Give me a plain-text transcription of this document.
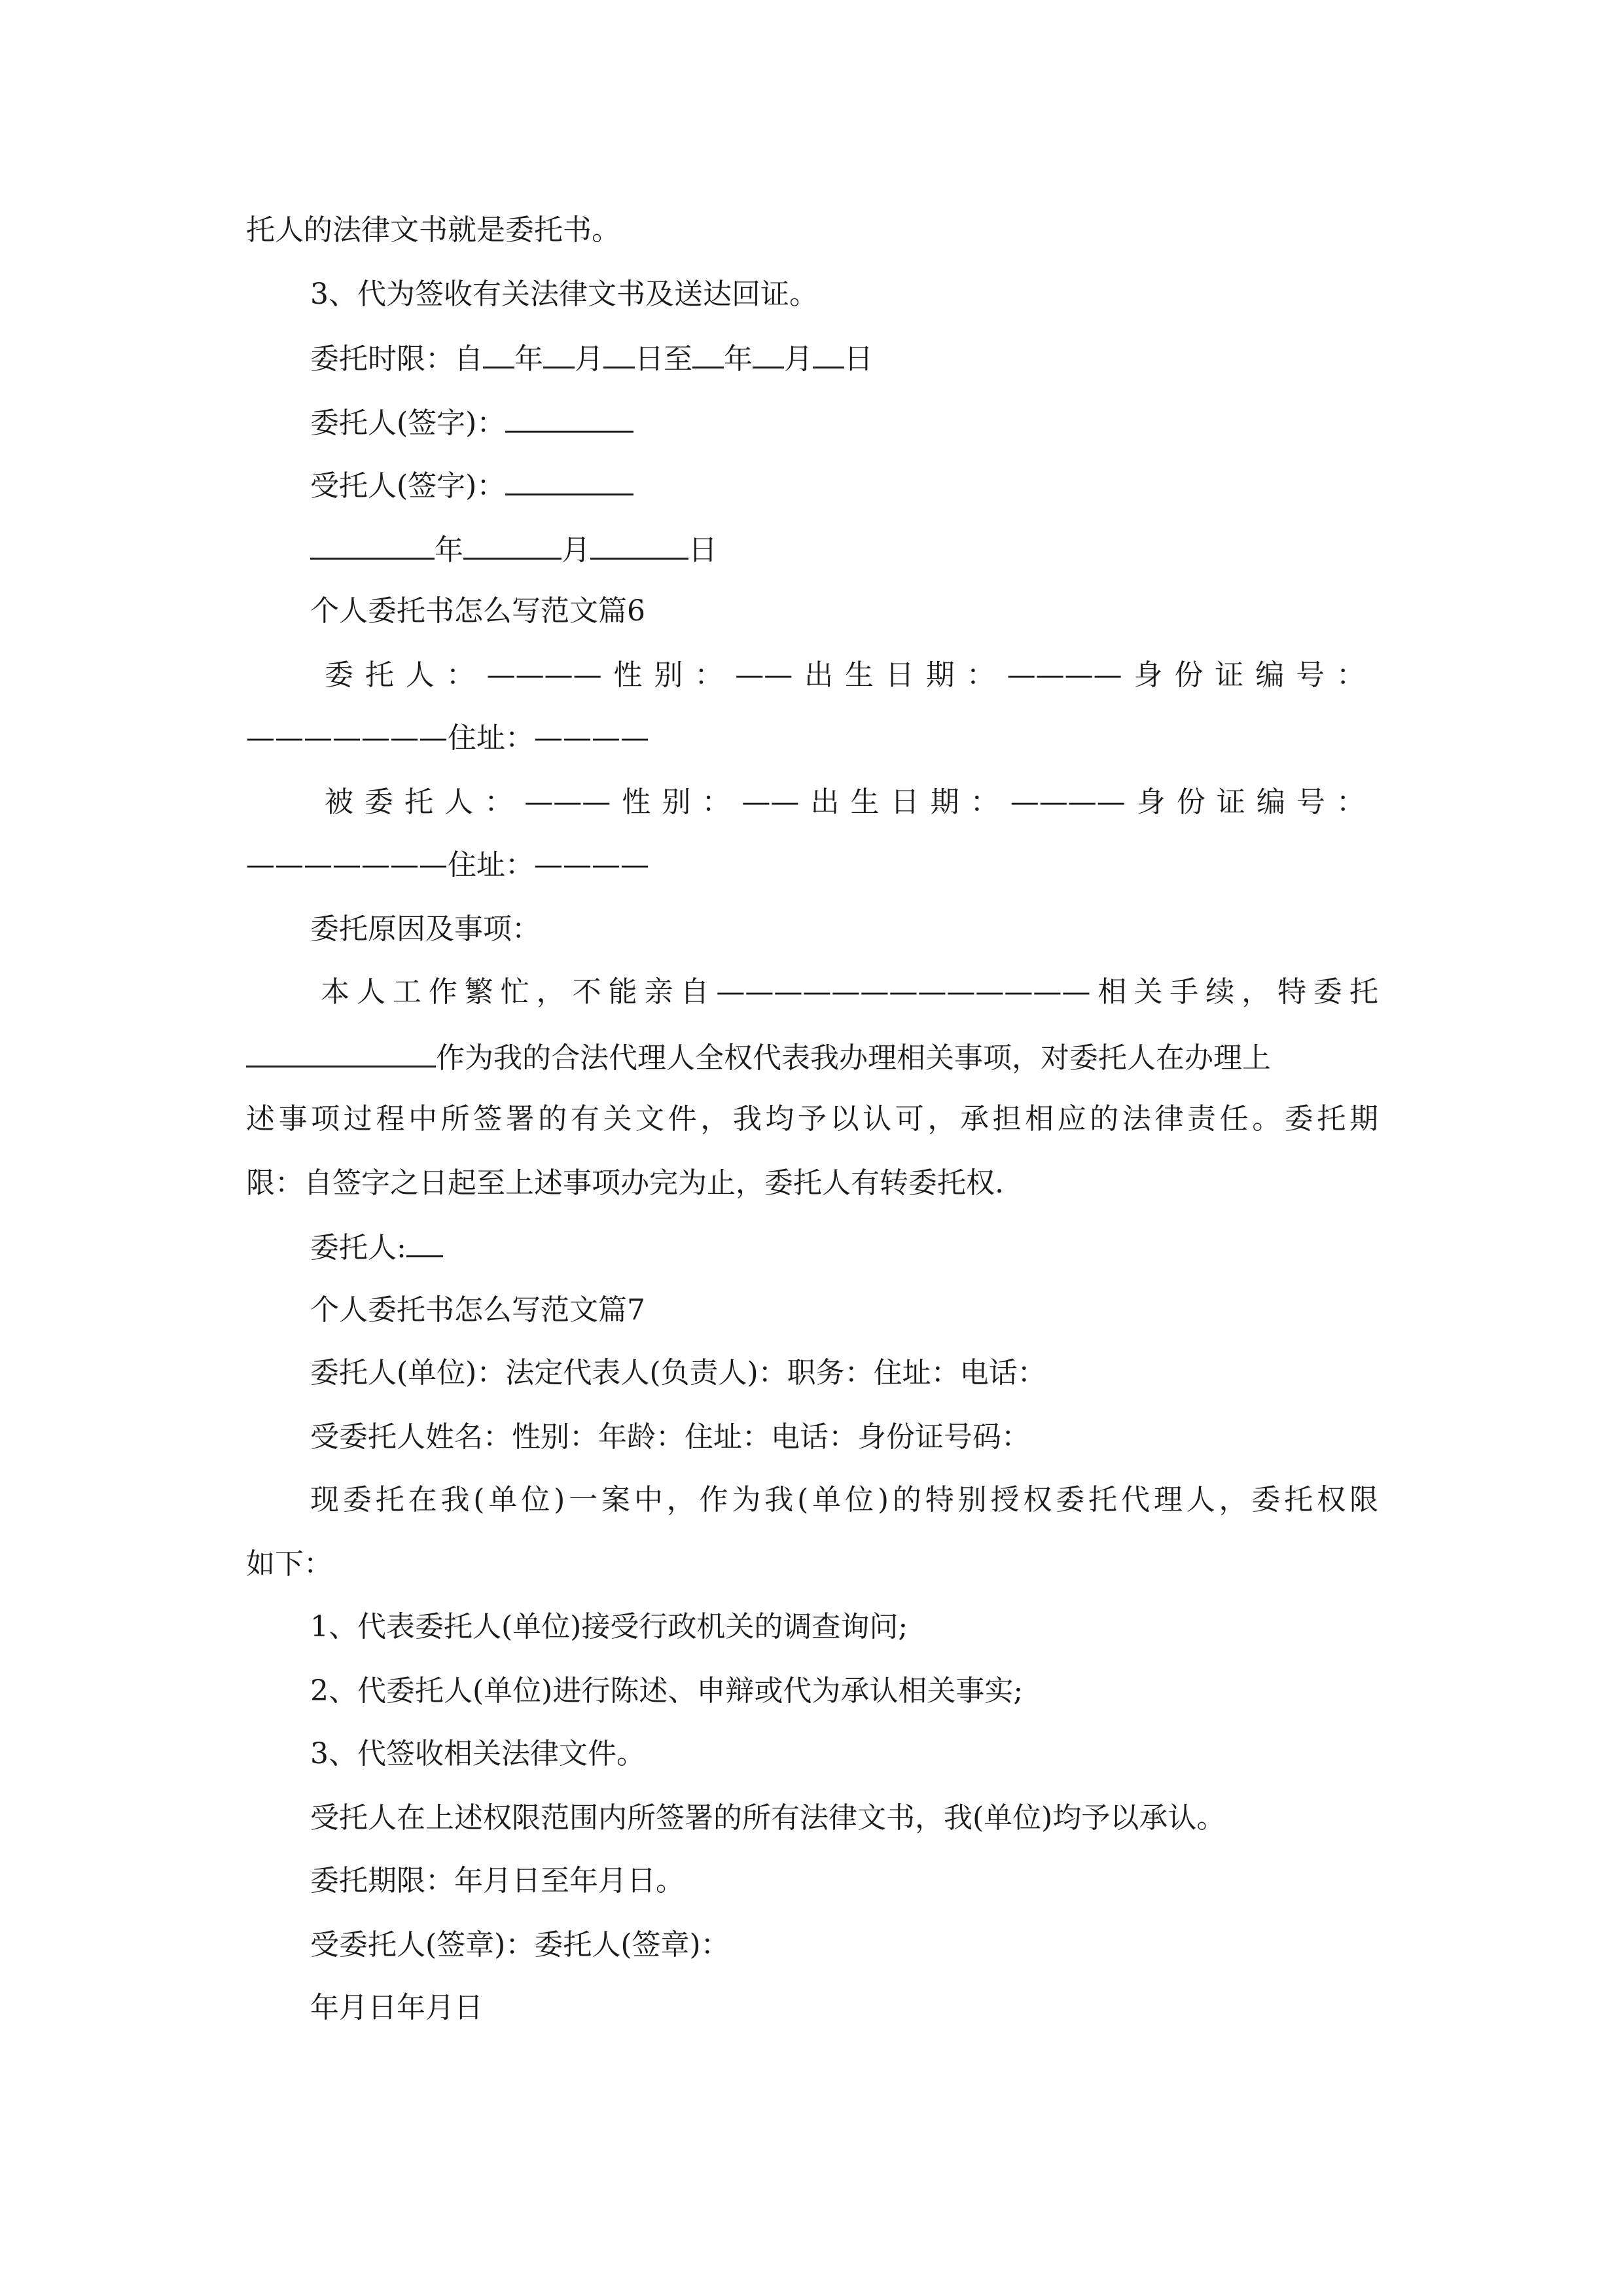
托人的法律文书就是委托书。
3、代为签收有关法律文书及送达回证。
委托时限：自 年 月 日至 年 月 日
委托人(签字)：
受托人(签字)：
年	月	日
个人委托书怎么写范文篇6
委托人：————性别：——出生日期：————身份证编号：
———————住址：————
被委托人：———性别：——出生日期：————身份证编号：
———————住址：————
委托原因及事项：
本人工作繁忙，不能亲自—————————————相关手续，特委托
作为我的合法代理人全权代表我办理相关事项，对委托人在办理上
述事项过程中所签署的有关文件，我均予以认可，承担相应的法律责任。委托期
限：自签字之日起至上述事项办完为止，委托人有转委托权.
委托人:
个人委托书怎么写范文篇7
委托人(单位)：法定代表人(负责人)：职务：住址：电话：
受委托人姓名：性别：年龄：住址：电话：身份证号码：
现委托在我(单位)一案中，作为我(单位)的特别授权委托代理人，委托权限
如下：
1、代表委托人(单位)接受行政机关的调查询问;
2、代委托人(单位)进行陈述、申辩或代为承认相关事实;
3、代签收相关法律文件。
受托人在上述权限范围内所签署的所有法律文书，我(单位)均予以承认。
委托期限：年月日至年月日。
受委托人(签章)：委托人(签章)：
年月日年月日
